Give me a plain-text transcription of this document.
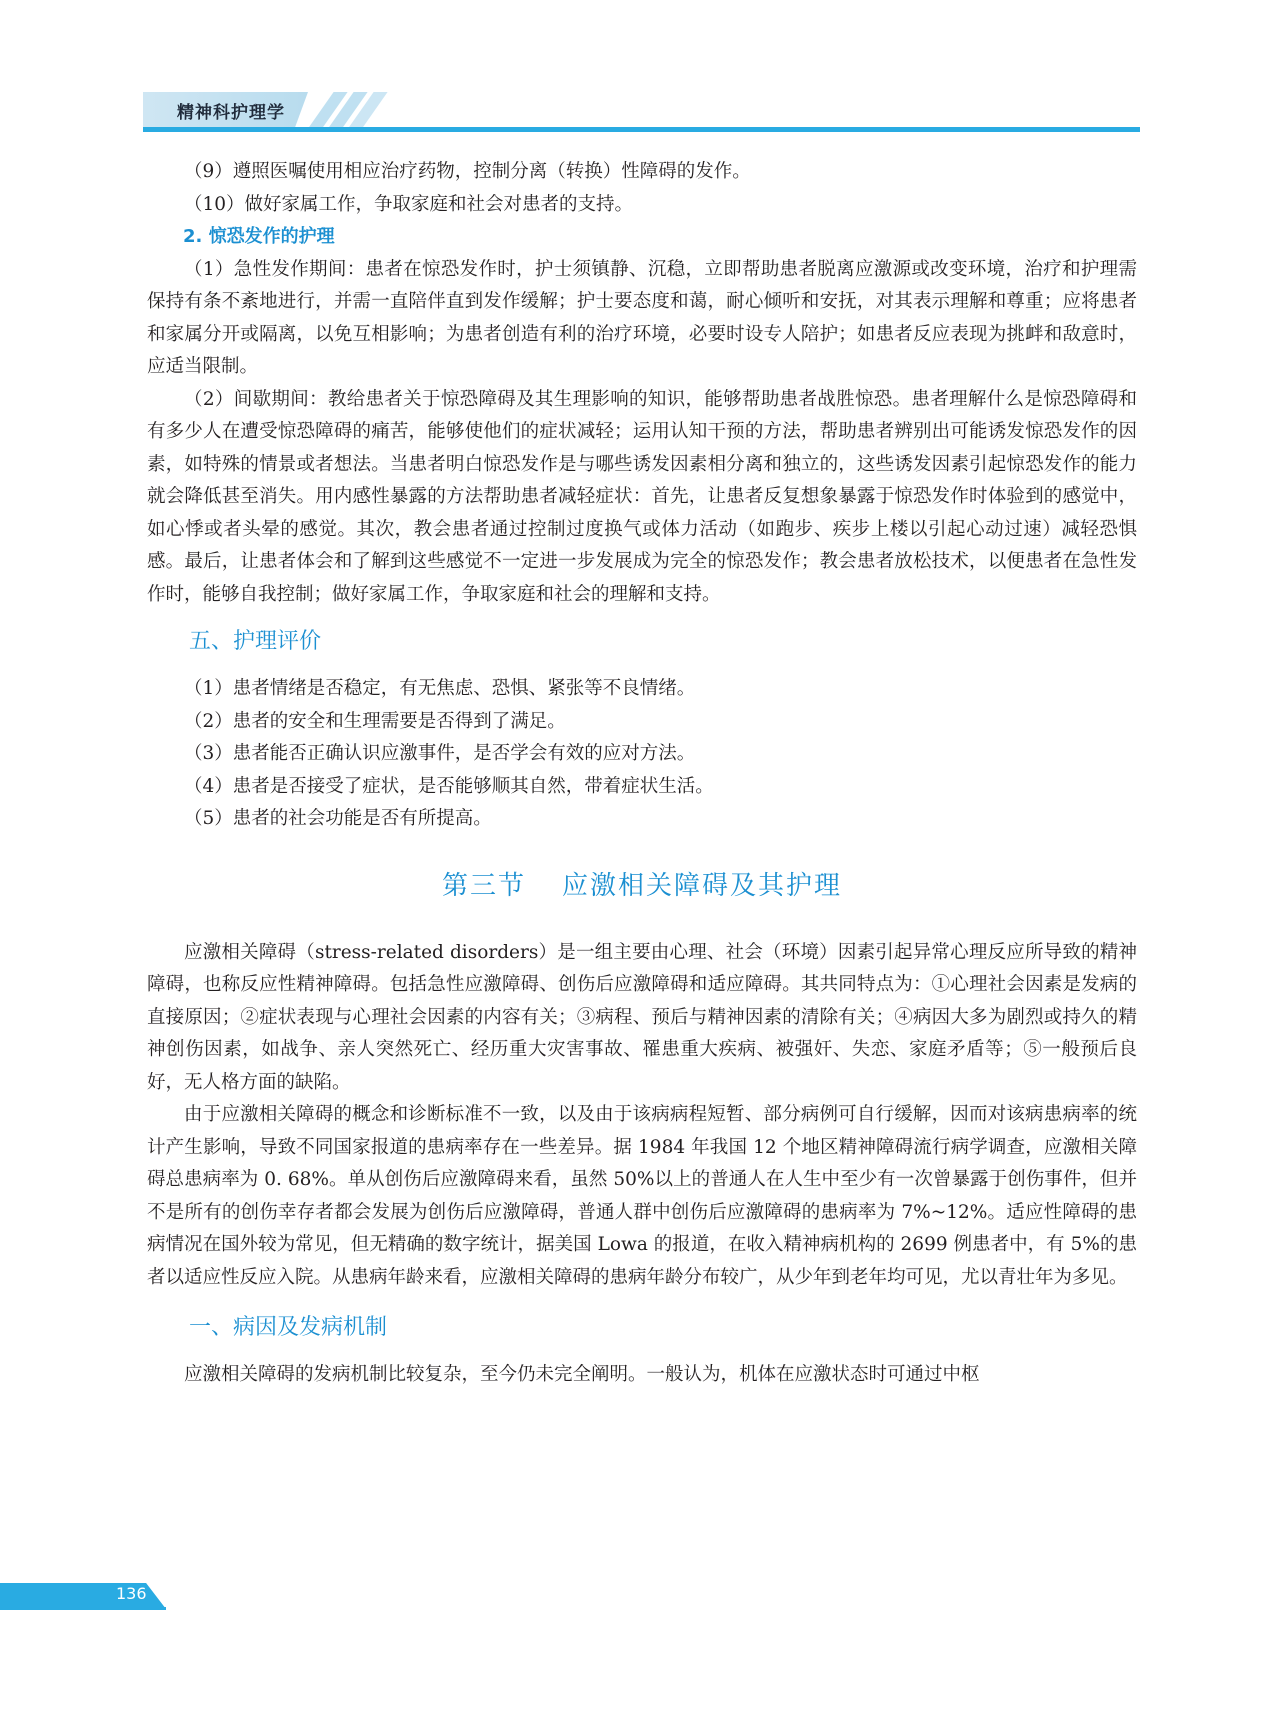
精神科护理学

（9）遵照医嘱使用相应治疗药物，控制分离（转换）性障碍的发作。

（10）做好家属工作，争取家庭和社会对患者的支持。

2. 惊恐发作的护理

（1）急性发作期间：患者在惊恐发作时，护士须镇静、沉稳，立即帮助患者脱离应激源或改变环境，治疗和护理需保持有条不紊地进行，并需一直陪伴直到发作缓解；护士要态度和蔼，耐心倾听和安抚，对其表示理解和尊重；应将患者和家属分开或隔离，以免互相影响；为患者创造有利的治疗环境，必要时设专人陪护；如患者反应表现为挑衅和敌意时，应适当限制。

（2）间歇期间：教给患者关于惊恐障碍及其生理影响的知识，能够帮助患者战胜惊恐。患者理解什么是惊恐障碍和有多少人在遭受惊恐障碍的痛苦，能够使他们的症状减轻；运用认知干预的方法，帮助患者辨别出可能诱发惊恐发作的因素，如特殊的情景或者想法。当患者明白惊恐发作是与哪些诱发因素相分离和独立的，这些诱发因素引起惊恐发作的能力就会降低甚至消失。用内感性暴露的方法帮助患者减轻症状：首先，让患者反复想象暴露于惊恐发作时体验到的感觉中，如心悸或者头晕的感觉。其次，教会患者通过控制过度换气或体力活动（如跑步、疾步上楼以引起心动过速）减轻恐惧感。最后，让患者体会和了解到这些感觉不一定进一步发展成为完全的惊恐发作；教会患者放松技术，以便患者在急性发作时，能够自我控制；做好家属工作，争取家庭和社会的理解和支持。

五、护理评价

（1）患者情绪是否稳定，有无焦虑、恐惧、紧张等不良情绪。

（2）患者的安全和生理需要是否得到了满足。

（3）患者能否正确认识应激事件，是否学会有效的应对方法。

（4）患者是否接受了症状，是否能够顺其自然，带着症状生活。

（5）患者的社会功能是否有所提高。

第三节 应激相关障碍及其护理

应激相关障碍（stress-related disorders）是一组主要由心理、社会（环境）因素引起异常心理反应所导致的精神障碍，也称反应性精神障碍。包括急性应激障碍、创伤后应激障碍和适应障碍。其共同特点为：①心理社会因素是发病的直接原因；②症状表现与心理社会因素的内容有关；③病程、预后与精神因素的清除有关；④病因大多为剧烈或持久的精神创伤因素，如战争、亲人突然死亡、经历重大灾害事故、罹患重大疾病、被强奸、失恋、家庭矛盾等；⑤一般预后良好，无人格方面的缺陷。

由于应激相关障碍的概念和诊断标准不一致，以及由于该病病程短暂、部分病例可自行缓解，因而对该病患病率的统计产生影响，导致不同国家报道的患病率存在一些差异。据 1984 年我国 12 个地区精神障碍流行病学调查，应激相关障碍总患病率为 0. 68%。单从创伤后应激障碍来看，虽然 50%以上的普通人在人生中至少有一次曾暴露于创伤事件，但并不是所有的创伤幸存者都会发展为创伤后应激障碍，普通人群中创伤后应激障碍的患病率为 7%~12%。适应性障碍的患病情况在国外较为常见，但无精确的数字统计，据美国 Lowa 的报道，在收入精神病机构的 2699 例患者中，有 5%的患者以适应性反应入院。从患病年龄来看，应激相关障碍的患病年龄分布较广，从少年到老年均可见，尤以青壮年为多见。

一、病因及发病机制

应激相关障碍的发病机制比较复杂，至今仍未完全阐明。一般认为，机体在应激状态时可通过中枢

136
